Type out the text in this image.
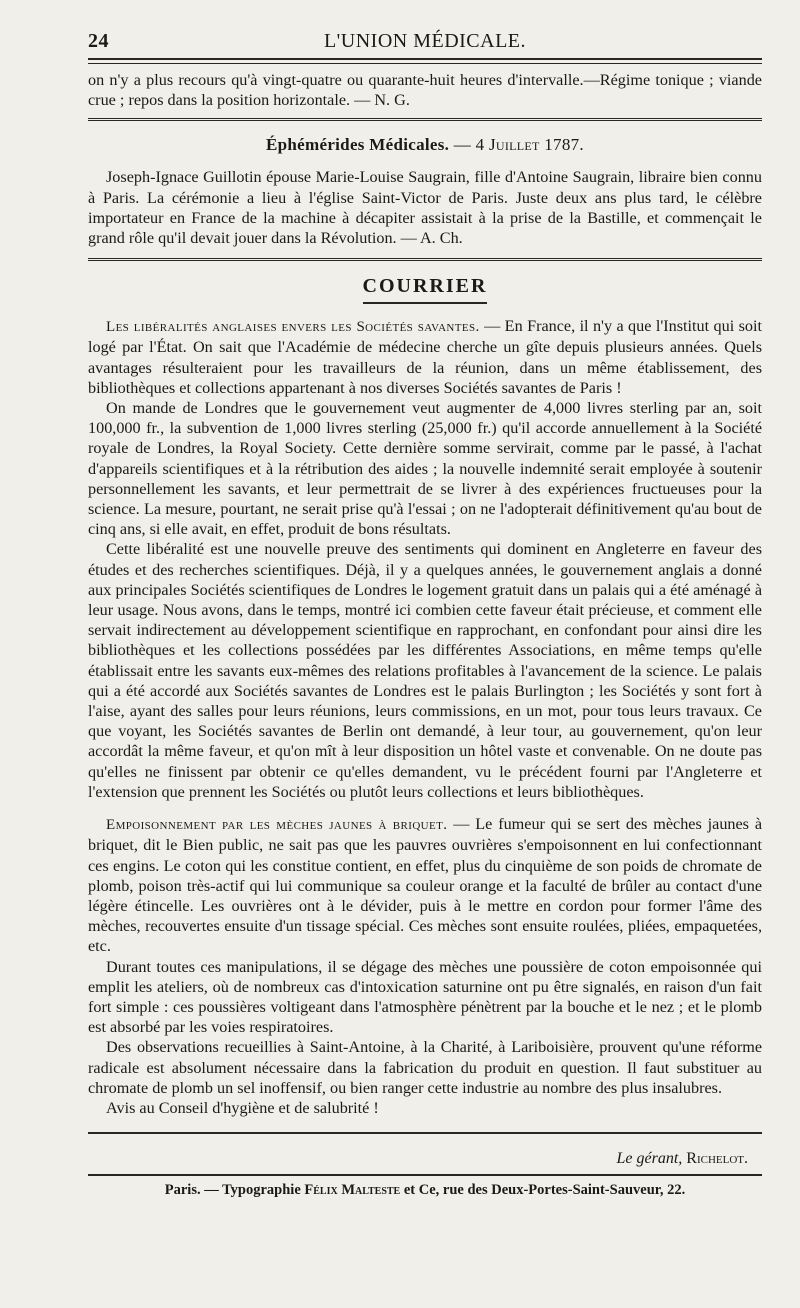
24	L'UNION MÉDICALE.

on n'y a plus recours qu'à vingt-quatre ou quarante-huit heures d'intervalle.—Régime tonique ; viande crue ; repos dans la position horizontale. — N. G.

Éphémérides Médicales. — 4 Juillet 1787.

Joseph-Ignace Guillotin épouse Marie-Louise Saugrain, fille d'Antoine Saugrain, libraire bien connu à Paris. La cérémonie a lieu à l'église Saint-Victor de Paris. Juste deux ans plus tard, le célèbre importateur en France de la machine à décapiter assistait à la prise de la Bastille, et commençait le grand rôle qu'il devait jouer dans la Révolution. — A. Ch.

COURRIER

Les libéralités anglaises envers les Sociétés savantes. — En France, il n'y a que l'Institut qui soit logé par l'État. On sait que l'Académie de médecine cherche un gîte depuis plusieurs années. Quels avantages résulteraient pour les travailleurs de la réunion, dans un même établissement, des bibliothèques et collections appartenant à nos diverses Sociétés savantes de Paris !

On mande de Londres que le gouvernement veut augmenter de 4,000 livres sterling par an, soit 100,000 fr., la subvention de 1,000 livres sterling (25,000 fr.) qu'il accorde annuellement à la Société royale de Londres, la Royal Society. Cette dernière somme servirait, comme par le passé, à l'achat d'appareils scientifiques et à la rétribution des aides ; la nouvelle indemnité serait employée à soutenir personnellement les savants, et leur permettrait de se livrer à des expériences fructueuses pour la science. La mesure, pourtant, ne serait prise qu'à l'essai ; on ne l'adopterait définitivement qu'au bout de cinq ans, si elle avait, en effet, produit de bons résultats.

Cette libéralité est une nouvelle preuve des sentiments qui dominent en Angleterre en faveur des études et des recherches scientifiques. Déjà, il y a quelques années, le gouvernement anglais a donné aux principales Sociétés scientifiques de Londres le logement gratuit dans un palais qui a été aménagé à leur usage. Nous avons, dans le temps, montré ici combien cette faveur était précieuse, et comment elle servait indirectement au développement scientifique en rapprochant, en confondant pour ainsi dire les bibliothèques et les collections possédées par les différentes Associations, en même temps qu'elle établissait entre les savants eux-mêmes des relations profitables à l'avancement de la science. Le palais qui a été accordé aux Sociétés savantes de Londres est le palais Burlington ; les Sociétés y sont fort à l'aise, ayant des salles pour leurs réunions, leurs commissions, en un mot, pour tous leurs travaux. Ce que voyant, les Sociétés savantes de Berlin ont demandé, à leur tour, au gouvernement, qu'on leur accordât la même faveur, et qu'on mît à leur disposition un hôtel vaste et convenable. On ne doute pas qu'elles ne finissent par obtenir ce qu'elles demandent, vu le précédent fourni par l'Angleterre et l'extension que prennent les Sociétés ou plutôt leurs collections et leurs bibliothèques.

Empoisonnement par les mèches jaunes à briquet. — Le fumeur qui se sert des mèches jaunes à briquet, dit le Bien public, ne sait pas que les pauvres ouvrières s'empoisonnent en lui confectionnant ces engins. Le coton qui les constitue contient, en effet, plus du cinquième de son poids de chromate de plomb, poison très-actif qui lui communique sa couleur orange et la faculté de brûler au contact d'une légère étincelle. Les ouvrières ont à le dévider, puis à le mettre en cordon pour former l'âme des mèches, recouvertes ensuite d'un tissage spécial. Ces mèches sont ensuite roulées, pliées, empaquetées, etc.

Durant toutes ces manipulations, il se dégage des mèches une poussière de coton empoisonnée qui emplit les ateliers, où de nombreux cas d'intoxication saturnine ont pu être signalés, en raison d'un fait fort simple : ces poussières voltigeant dans l'atmosphère pénètrent par la bouche et le nez ; et le plomb est absorbé par les voies respiratoires.

Des observations recueillies à Saint-Antoine, à la Charité, à Lariboisière, prouvent qu'une réforme radicale est absolument nécessaire dans la fabrication du produit en question. Il faut substituer au chromate de plomb un sel inoffensif, ou bien ranger cette industrie au nombre des plus insalubres.

Avis au Conseil d'hygiène et de salubrité !

Le gérant, Richelot.
Paris. — Typographie Félix Malteste et Ce, rue des Deux-Portes-Saint-Sauveur, 22.
